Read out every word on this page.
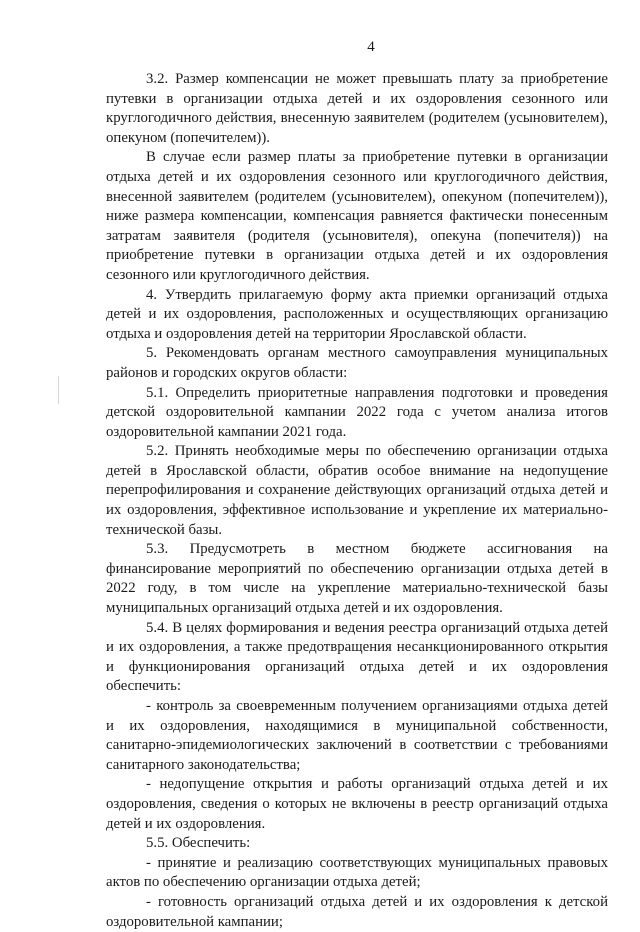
4

3.2. Размер компенсации не может превышать плату за приобретение путевки в организации отдыха детей и их оздоровления сезонного или круглогодичного действия, внесенную заявителем (родителем (усыновителем), опекуном (попечителем)).

В случае если размер платы за приобретение путевки в организации отдыха детей и их оздоровления сезонного или круглогодичного действия, внесенной заявителем (родителем (усыновителем), опекуном (попечителем)), ниже размера компенсации, компенсация равняется фактически понесенным затратам заявителя (родителя (усыновителя), опекуна (попечителя)) на приобретение путевки в организации отдыха детей и их оздоровления сезонного или круглогодичного действия.

4. Утвердить прилагаемую форму акта приемки организаций отдыха детей и их оздоровления, расположенных и осуществляющих организацию отдыха и оздоровления детей на территории Ярославской области.

5. Рекомендовать органам местного самоуправления муниципальных районов и городских округов области:

5.1. Определить приоритетные направления подготовки и проведения детской оздоровительной кампании 2022 года с учетом анализа итогов оздоровительной кампании 2021 года.

5.2. Принять необходимые меры по обеспечению организации отдыха детей в Ярославской области, обратив особое внимание на недопущение перепрофилирования и сохранение действующих организаций отдыха детей и их оздоровления, эффективное использование и укрепление их материально-технической базы.

5.3. Предусмотреть в местном бюджете ассигнования на финансирование мероприятий по обеспечению организации отдыха детей в 2022 году, в том числе на укрепление материально-технической базы муниципальных организаций отдыха детей и их оздоровления.

5.4. В целях формирования и ведения реестра организаций отдыха детей и их оздоровления, а также предотвращения несанкционированного открытия и функционирования организаций отдыха детей и их оздоровления обеспечить:

- контроль за своевременным получением организациями отдыха детей и их оздоровления, находящимися в муниципальной собственности, санитарно-эпидемиологических заключений в соответствии с требованиями санитарного законодательства;

- недопущение открытия и работы организаций отдыха детей и их оздоровления, сведения о которых не включены в реестр организаций отдыха детей и их оздоровления.

5.5. Обеспечить:

- принятие и реализацию соответствующих муниципальных правовых актов по обеспечению организации отдыха детей;

- готовность организаций отдыха детей и их оздоровления к детской оздоровительной кампании;
